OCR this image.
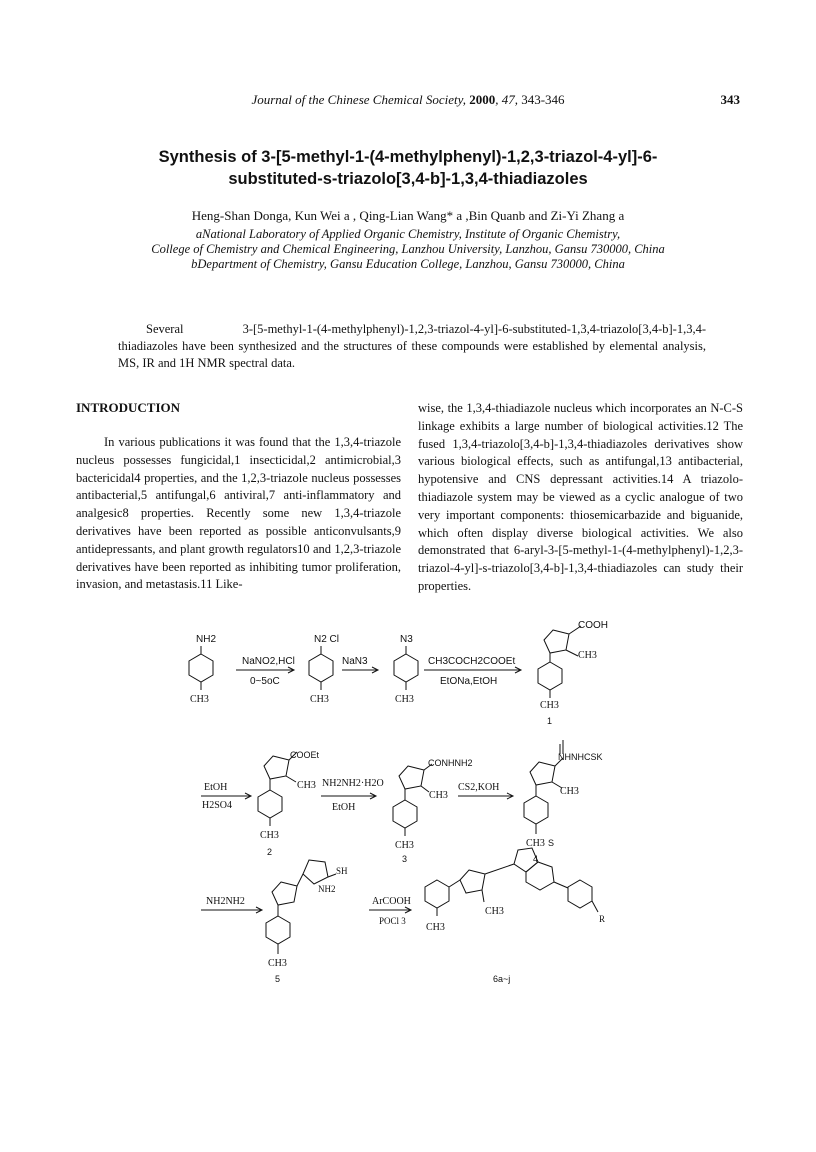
Journal of the Chinese Chemical Society, 2000, 47, 343-346	343
Synthesis of 3-[5-methyl-1-(4-methylphenyl)-1,2,3-triazol-4-yl]-6-
substituted-s-triazolo[3,4-b]-1,3,4-thiadiazoles
Heng-Shan Donga, Kun Wei a , Qing-Lian Wang* a ,Bin Quanb and Zi-Yi Zhang a
aNational Laboratory of Applied Organic Chemistry, Institute of Organic Chemistry,
College of Chemistry and Chemical Engineering, Lanzhou University, Lanzhou, Gansu 730000, China
bDepartment of Chemistry, Gansu Education College, Lanzhou, Gansu 730000, China
Several 3-[5-methyl-1-(4-methylphenyl)-1,2,3-triazol-4-yl]-6-substituted-1,3,4-triazolo[3,4-b]-1,3,4-thiadiazoles have been synthesized and the structures of these compounds were established by elemental analysis, MS, IR and 1H NMR spectral data.
INTRODUCTION

In various publications it was found that the 1,3,4-triazole nucleus possesses fungicidal,1 insecticidal,2 antimicrobial,3 bactericidal4 properties, and the 1,2,3-triazole nucleus possesses antibacterial,5 antifungal,6 antiviral,7 anti-inflammatory and analgesic8 properties. Recently some new 1,3,4-triazole derivatives have been reported as possible anticonvulsants,9 antidepressants, and plant growth regulators10 and 1,2,3-triazole derivatives have been reported as inhibiting tumor proliferation, invasion, and metastasis.11 Like-

wise, the 1,3,4-thiadiazole nucleus which incorporates an N-C-S linkage exhibits a large number of biological activities.12 The fused 1,3,4-triazolo[3,4-b]-1,3,4-thiadiazoles derivatives show various biological effects, such as antifungal,13 antibacterial, hypotensive and CNS depressant activities.14 A triazolo-thiadiazole system may be viewed as a cyclic analogue of two very important components: thiosemicarbazide and biguanide, which often display diverse biological activities. We also demonstrated that 6-aryl-3-[5-methyl-1-(4-methylphenyl)-1,2,3-triazol-4-yl]-s-triazolo[3,4-b]-1,3,4-thiadiazoles can study their properties.

NH2
CH3
NaNO2,HCl
0~5oC
N2 Cl
CH3
NaN3
N3
CH3
CH3COCH2COOEt
EtONa,EtOH
COOH
CH3
CH3
1
EtOH
H2SO4
COOEt
CH3
CH3
2
NH2NH2·H2O
EtOH
CONHNH2
CH3
CH3
3
CS2,KOH
NHNHCSK
CH3
CH3
4
NH2NH2
SH
NH2
CH3
5
ArCOOH
POCl 3
S
CH3
CH3
R
6a~j
